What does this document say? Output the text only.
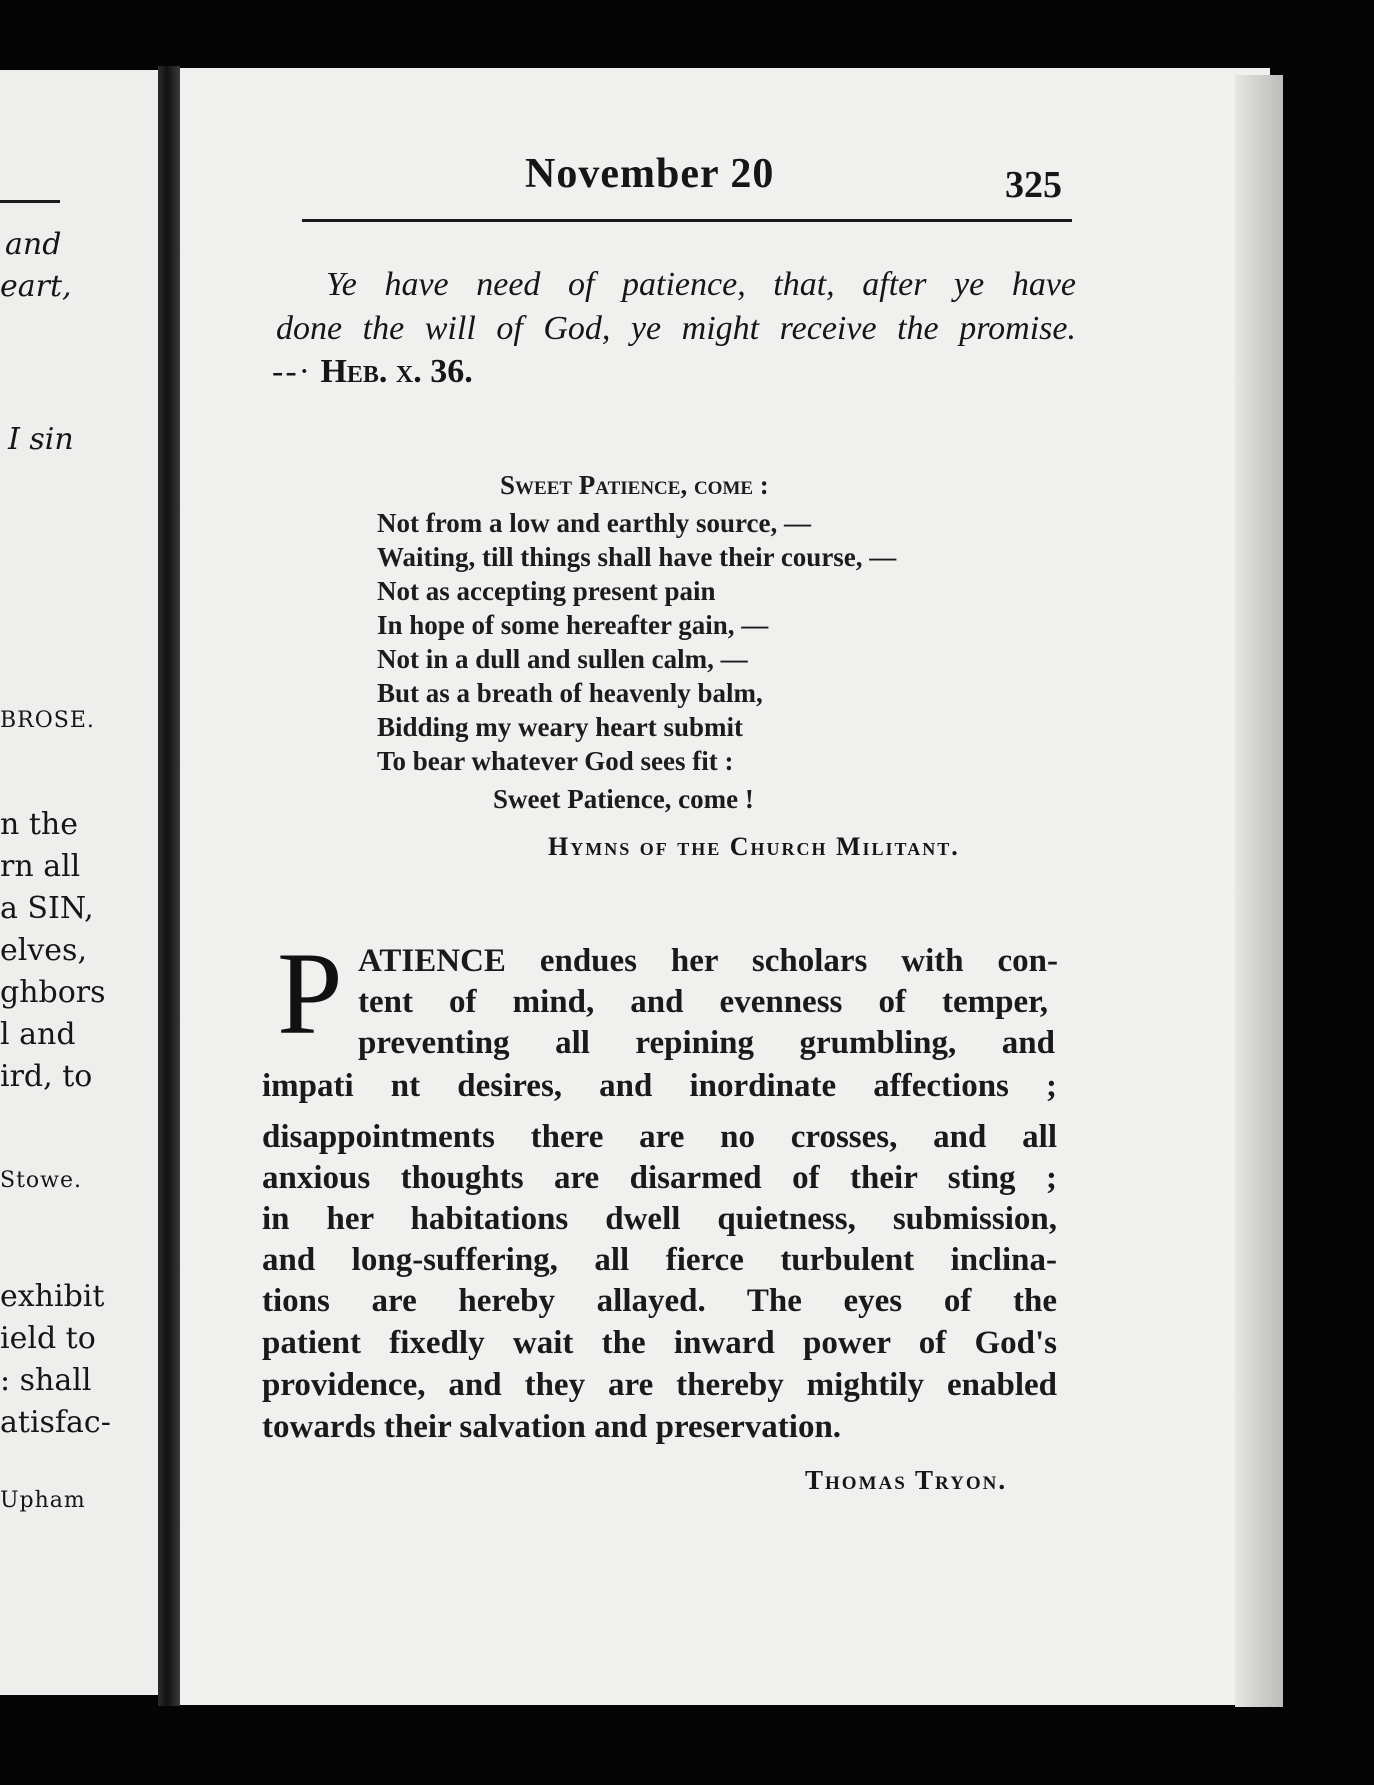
and
eart,
I sin
BROSE.
n the
rn all
a SIN,
elves,
ghbors
l and
ird, to
Stowe.
exhibit
ield to
: shall
atisfac-
Upham
November 20	325
Ye have need of patience, that, after ye have
done the will of God, ye might receive the promise.
--· Heb. x. 36.
Sweet Patience, come :
Not from a low and earthly source, —
Waiting, till things shall have their course, —
Not as accepting present pain
In hope of some hereafter gain, —
Not in a dull and sullen calm, —
But as a breath of heavenly balm,
Bidding my weary heart submit
To bear whatever God sees fit :
Sweet Patience, come !
Hymns of the Church Militant.
P ATIENCE endues her scholars with con-
tent of mind, and evenness of temper,
preventing all repining grumbling, and
impati nt desires, and inordinate affections ;
disappointments there are no crosses, and all
anxious thoughts are disarmed of their sting ;
in her habitations dwell quietness, submission,
and long-suffering, all fierce turbulent inclina-
tions are hereby allayed. The eyes of the
patient fixedly wait the inward power of God's
providence, and they are thereby mightily enabled
towards their salvation and preservation.
Thomas Tryon.
